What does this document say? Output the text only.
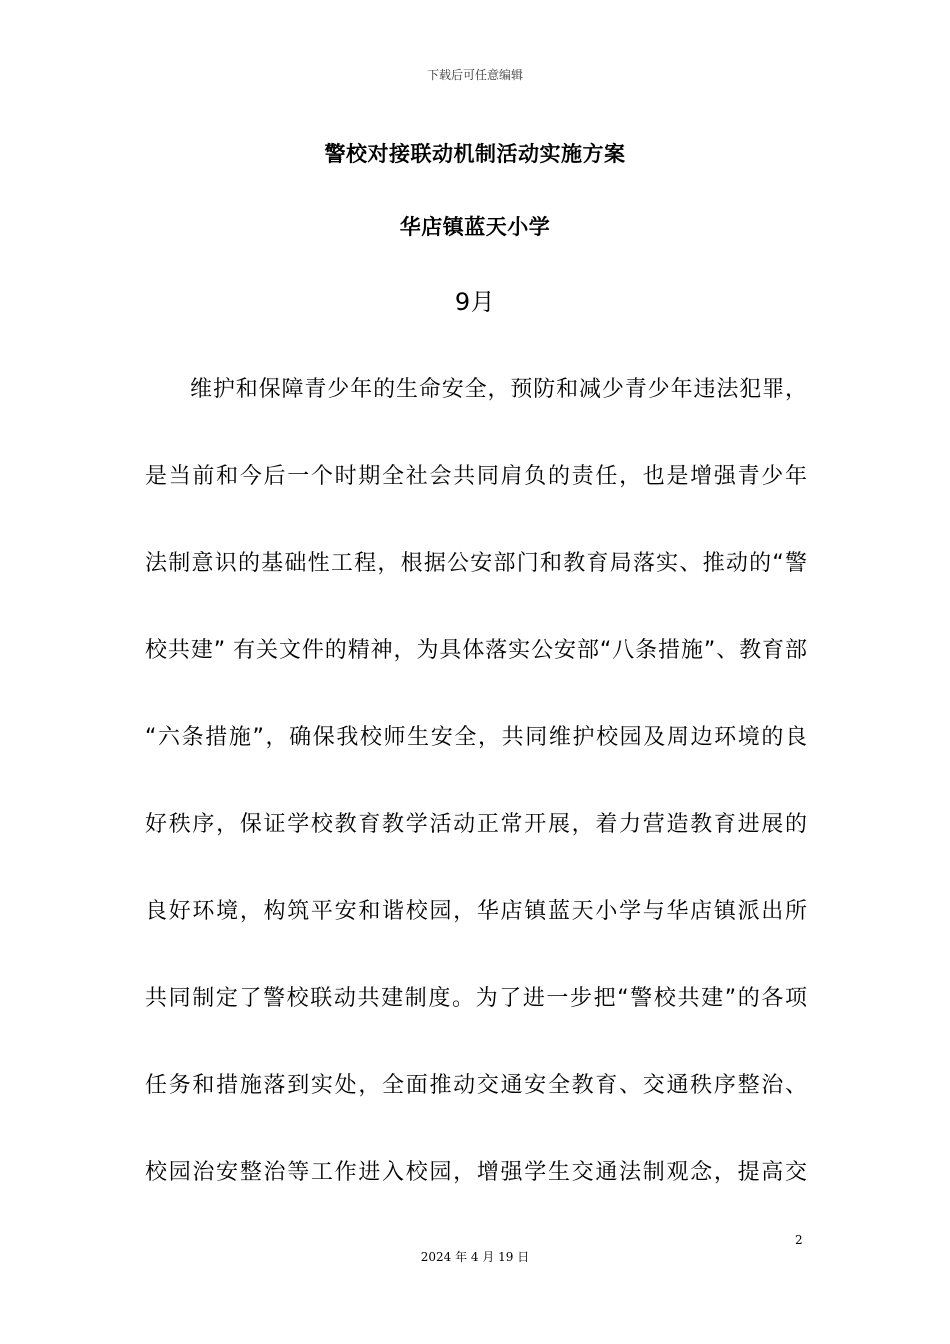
下载后可任意编辑
警校对接联动机制活动实施方案
华店镇蓝天小学
9月
维护和保障青少年的生命安全，预防和减少青少年违法犯罪，
是当前和今后一个时期全社会共同肩负的责任，也是增强青少年
法制意识的基础性工程，根据公安部门和教育局落实、推动的“警
校共建” 有关文件的精神，为具体落实公安部“八条措施”、教育部
“六条措施”，确保我校师生安全，共同维护校园及周边环境的良
好秩序，保证学校教育教学活动正常开展，着力营造教育进展的
良好环境，构筑平安和谐校园，华店镇蓝天小学与华店镇派出所
共同制定了警校联动共建制度。为了进一步把“警校共建”的各项
任务和措施落到实处，全面推动交通安全教育、交通秩序整治、
校园治安整治等工作进入校园，增强学生交通法制观念，提高交
2
2024 年 4 月 19 日
